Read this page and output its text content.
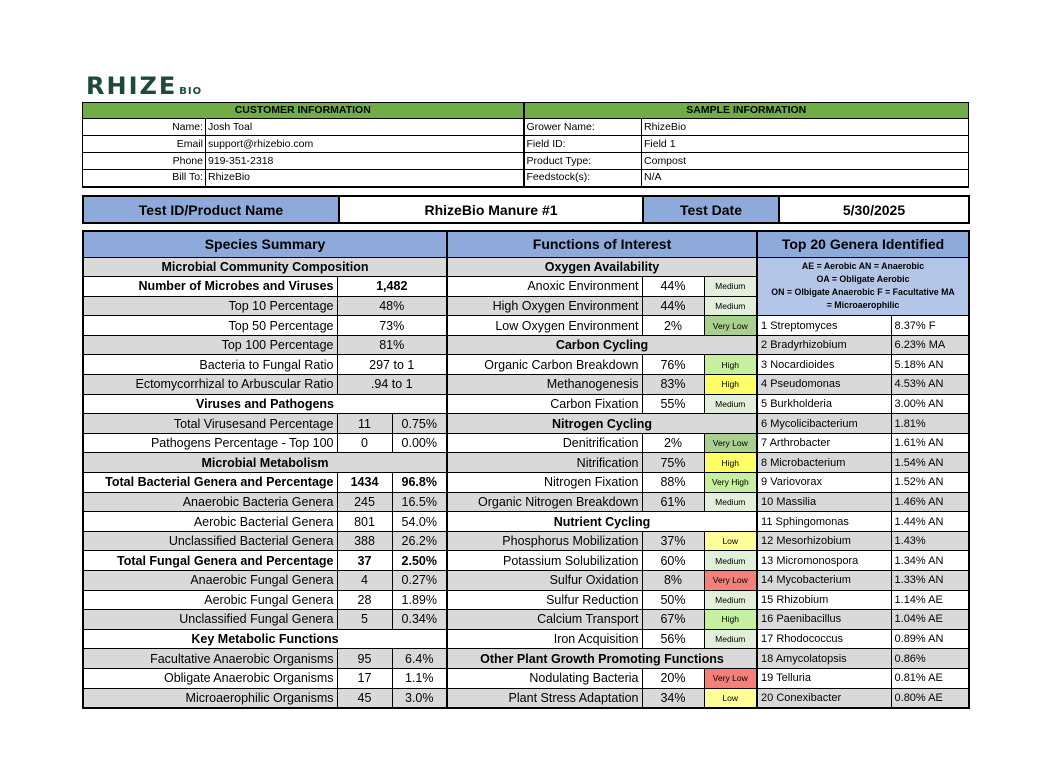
RHIZE BIO
CUSTOMER INFORMATION		SAMPLE INFORMATION	
Name:	Josh Toal	Grower Name:	RhizeBio
Email	support@rhizebio.com	Field ID:	Field 1
Phone	919-351-2318	Product Type:	Compost
Bill To:	RhizeBio	Feedstock(s):	N/A
Test ID/Product Name	RhizeBio Manure #1	Test Date	5/30/2025
Species Summary			Functions of Interest			Top 20 Genera Identified	
Microbial Community Composition			Oxygen Availability			AE = Aerobic AN = Anaerobic
OA = Obligate Aerobic
ON = Olbigate Anaerobic F = Facultative MA
= Microaerophilic	
Number of Microbes and Viruses	1,482		Anoxic Environment	44%	Medium		
Top 10 Percentage	48%		High Oxygen Environment	44%	Medium		
Top 50 Percentage	73%		Low Oxygen Environment	2%	Very Low	1 Streptomyces	8.37% F
Top 100 Percentage	81%		Carbon Cycling			2 Bradyrhizobium	6.23% MA
Bacteria to Fungal Ratio	297 to 1		Organic Carbon Breakdown	76%	High	3 Nocardioides	5.18% AN
Ectomycorrhizal to Arbuscular Ratio	.94 to 1		Methanogenesis	83%	High	4 Pseudomonas	4.53% AN
Viruses and Pathogens			Carbon Fixation	55%	Medium	5 Burkholderia	3.00% AN
Total Virusesand Percentage	11	0.75%	Nitrogen Cycling			6 Mycolicibacterium	1.81%
Pathogens Percentage - Top 100	0	0.00%	Denitrification	2%	Very Low	7 Arthrobacter	1.61% AN
Microbial Metabolism			Nitrification	75%	High	8 Microbacterium	1.54% AN
Total Bacterial Genera and Percentage	1434	96.8%	Nitrogen Fixation	88%	Very High	9 Variovorax	1.52% AN
Anaerobic Bacteria Genera	245	16.5%	Organic Nitrogen Breakdown	61%	Medium	10 Massilia	1.46% AN
Aerobic Bacterial Genera	801	54.0%	Nutrient Cycling			11 Sphingomonas	1.44% AN
Unclassified Bacterial Genera	388	26.2%	Phosphorus Mobilization	37%	Low	12 Mesorhizobium	1.43%
Total Fungal Genera and Percentage	37	2.50%	Potassium Solubilization	60%	Medium	13 Micromonospora	1.34% AN
Anaerobic Fungal Genera	4	0.27%	Sulfur Oxidation	8%	Very Low	14 Mycobacterium	1.33% AN
Aerobic Fungal Genera	28	1.89%	Sulfur Reduction	50%	Medium	15 Rhizobium	1.14% AE
Unclassified Fungal Genera	5	0.34%	Calcium Transport	67%	High	16 Paenibacillus	1.04% AE
Key Metabolic Functions			Iron Acquisition	56%	Medium	17 Rhodococcus	0.89% AN
Facultative Anaerobic Organisms	95	6.4%	Other Plant Growth Promoting Functions			18 Amycolatopsis	0.86%
Obligate Anaerobic Organisms	17	1.1%	Nodulating Bacteria	20%	Very Low	19 Telluria	0.81% AE
Microaerophilic Organisms	45	3.0%	Plant Stress Adaptation	34%	Low	20 Conexibacter	0.80% AE
